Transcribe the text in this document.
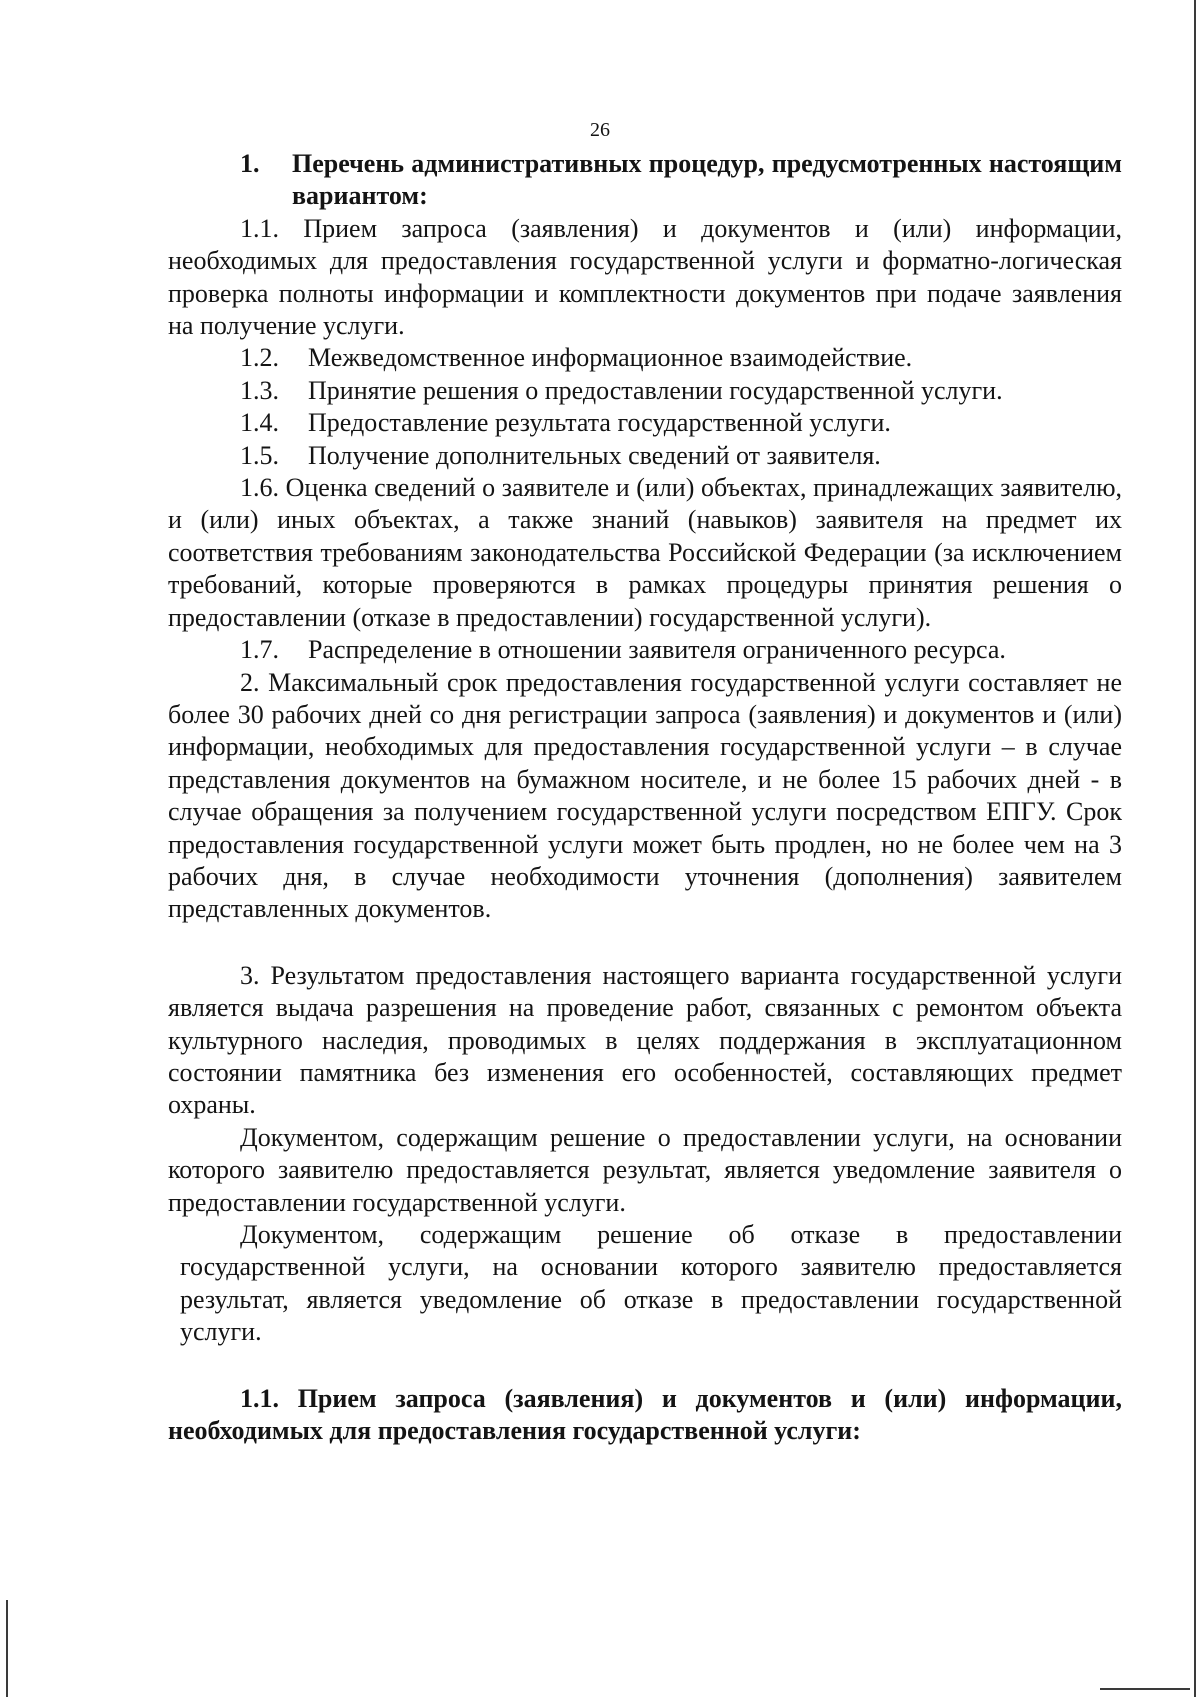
26
1.	Перечень административных процедур, предусмотренных настоящим вариантом:

1.1. Прием запроса (заявления) и документов и (или) информации, необходимых для предоставления государственной услуги и форматно-логическая проверка полноты информации и комплектности документов при подаче заявления на получение услуги.

1.2.	Межведомственное информационное взаимодействие.
1.3.	Принятие решения о предоставлении государственной услуги.
1.4.	Предоставление результата государственной услуги.
1.5.	Получение дополнительных сведений от заявителя.

1.6. Оценка сведений о заявителе и (или) объектах, принадлежащих заявителю, и (или) иных объектах, а также знаний (навыков) заявителя на предмет их соответствия требованиям законодательства Российской Федерации (за исключением требований, которые проверяются в рамках процедуры принятия решения о предоставлении (отказе в предоставлении) государственной услуги).

1.7.	Распределение в отношении заявителя ограниченного ресурса.

2. Максимальный срок предоставления государственной услуги составляет не более 30 рабочих дней со дня регистрации запроса (заявления) и документов и (или) информации, необходимых для предоставления государственной услуги – в случае представления документов на бумажном носителе, и не более 15 рабочих дней - в случае обращения за получением государственной услуги посредством ЕПГУ. Срок предоставления государственной услуги может быть продлен, но не более чем на 3 рабочих дня, в случае необходимости уточнения (дополнения) заявителем представленных документов.

3. Результатом предоставления настоящего варианта государственной услуги является выдача разрешения на проведение работ, связанных с ремонтом объекта культурного наследия, проводимых в целях поддержания в эксплуатационном состоянии памятника без изменения его особенностей, составляющих предмет охраны.

Документом, содержащим решение о предоставлении услуги, на основании которого заявителю предоставляется результат, является уведомление заявителя о предоставлении государственной услуги.

Документом, содержащим решение об отказе в предоставлении государственной услуги, на основании которого заявителю предоставляется результат, является уведомление об отказе в предоставлении государственной услуги.

1.1. Прием запроса (заявления) и документов и (или) информации, необходимых для предоставления государственной услуги:
